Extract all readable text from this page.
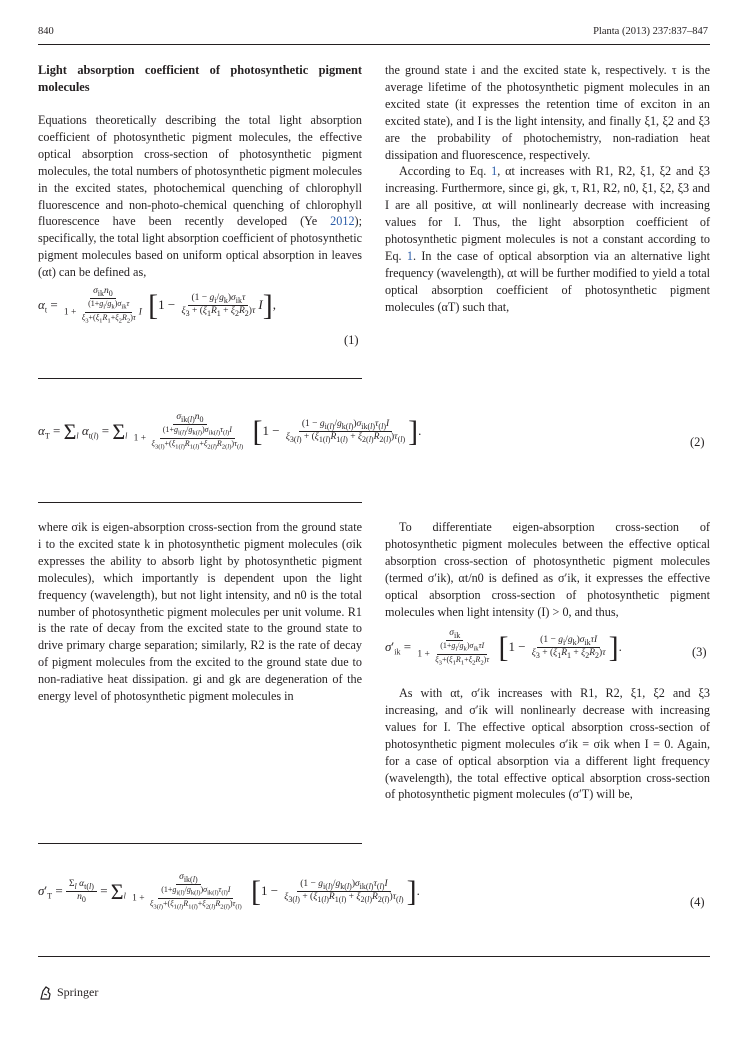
840	Planta (2013) 237:837–847
Light absorption coefficient of photosynthetic pigment molecules

Equations theoretically describing the total light absorption coefficient of photosynthetic pigment molecules, the effective optical absorption cross-section of photosynthetic pigment molecules, the total numbers of photosynthetic pigment molecules in the excited states, photochemical quenching of chlorophyll fluorescence and non-photo-chemical quenching of chlorophyll fluorescence have been recently developed (Ye 2012); specifically, the total light absorption coefficient of photosynthetic pigment molecules based on uniform optical absorption in leaves (αt) can be defined as,

$\alpha_t = \frac{\sigma_{ik}n_0}{1 + \frac{(1+g_i/g_k)\sigma_{ik}\tau}{\xi_3+(\xi_1R_1+\xi_2R_2)\tau} I} [1 - \frac{(1 - g_i/g_k)\sigma_{ik}\tau}{\xi_3 + (\xi_1R_1 + \xi_2R_2)\tau} I]$,
(1)

the ground state i and the excited state k, respectively. τ is the average lifetime of the photosynthetic pigment molecules in an excited state (it expresses the retention time of exciton in an excited state), and I is the light intensity, and finally ξ1, ξ2 and ξ3 are the probability of photochemistry, non-radiation heat dissipation and fluorescence, respectively.

According to Eq. 1, αt increases with R1, R2, ξ1, ξ2 and ξ3 increasing. Furthermore, since gi, gk, τ, R1, R2, n0, ξ1, ξ2, ξ3 and I are all positive, αt will nonlinearly decrease with increasing values for I. Thus, the light absorption coefficient of photosynthetic pigment molecules is not a constant according to Eq. 1. In the case of optical absorption via an alternative light frequency (wavelength), αt will be further modified to yield a total optical absorption coefficient of photosynthetic pigment molecules (αT) such that,

$\alpha_T = \Sigma_l$ $\alpha_{t(l)} = \Sigma_l$
$\sigma_{ik(l)}n_0$
$1 + \frac{(1+g_{i(l)}/g_{k(l)})\sigma_{ik(l)}\tau_{(l)}I}{\xi_{3(l)}+(\xi_{1(l)}R_{1(l)}+\xi_{2(l)}R_{2(l)})\tau_{(l)}} [1 - \frac{(1 - g_{i(l)}/g_{k(l)})\sigma_{ik(l)}\tau_{(l)}I}{\xi_{3(l)} + (\xi_{1(l)}R_{1(l)} + \xi_{2(l)}R_{2(l)})\tau_{(l)}}$ ].
(2)

where σik is eigen-absorption cross-section from the ground state i to the excited state k in photosynthetic pigment molecules (σik expresses the ability to absorb light by photosynthetic pigment molecules), which importantly is dependent upon the light frequency (wavelength), but not light intensity, and n0 is the total number of photosynthetic pigment molecules per unit volume. R1 is the rate of decay from the excited state to the ground state to drive primary charge separation; similarly, R2 is the rate of decay of pigment molecules from the excited to the ground state due to non-radiative heat dissipation. gi and gk are degeneration of the energy level of photosynthetic pigment molecules in

To differentiate eigen-absorption cross-section of photosynthetic pigment molecules between the effective optical absorption cross-section of photosynthetic pigment molecules (termed σ′ik), αt/n0 is defined as σ′ik, it expresses the effective optical absorption cross-section of photosynthetic pigment molecules when light intensity (I) > 0, and thus,

$\sigma'_{ik} = \frac{\sigma_{ik}}{1 + \frac{(1+g_i/g_k)\sigma_{ik}\tau I}{\xi_3+(\xi_1R_1+\xi_2R_2)\tau}} [1 - \frac{(1 - g_i/g_k)\sigma_{ik}\tau I}{\xi_3 + (\xi_1R_1 + \xi_2R_2)\tau}$ ].	(3)

As with αt, σ′ik increases with R1, R2, ξ1, ξ2 and ξ3 increasing, and σ′ik will nonlinearly decrease with increasing values for I. The effective optical absorption cross-section of photosynthetic pigment molecules σ′ik = σik when I = 0. Again, for a case of optical absorption via a different light frequency (wavelength), the total effective optical absorption cross-section of photosynthetic pigment molecules (σ′T) will be,

$\sigma'_T = \frac{\Sigma_l \alpha_{t(l)}}{n_0} = \Sigma_l$
$\sigma_{ik(l)}$
$1 + \frac{(1+g_{i(l)}/g_{k(l)})\sigma_{ik(l)}\tau_{(l)}I}{\xi_{3(l)}+(\xi_{1(l)}R_{1(l)}+\xi_{2(l)}R_{2(l)})\tau_{(l)}} [1 - \frac{(1 - g_{i(l)}/g_{k(l)})\sigma_{ik(l)}\tau_{(l)}I}{\xi_{3(l)} + (\xi_{1(l)}R_{1(l)} + \xi_{2(l)}R_{2(l)})\tau_{(l)}}$ ].
(4)
Springer
